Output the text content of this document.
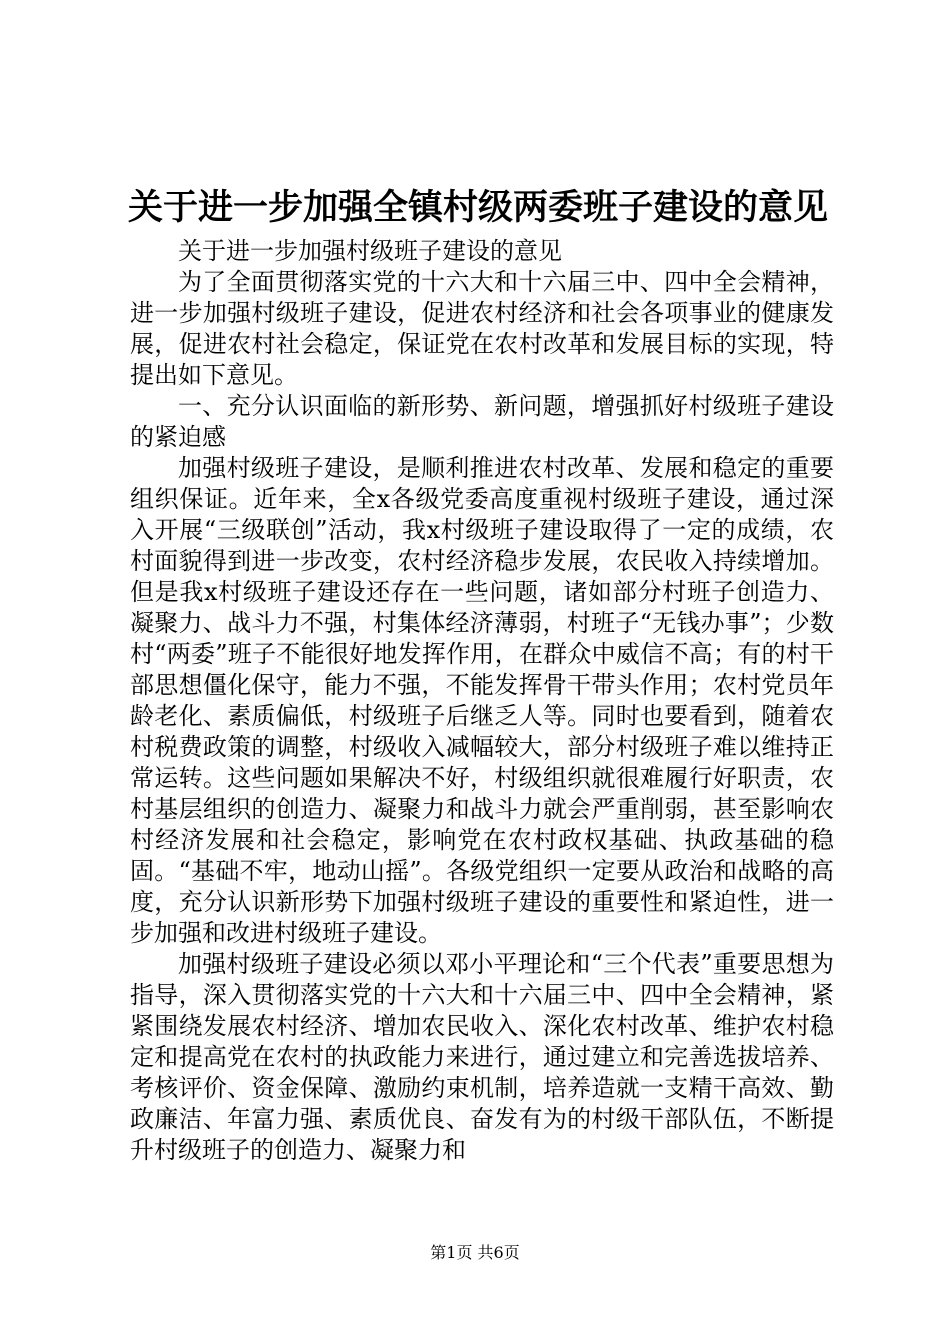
关于进一步加强全镇村级两委班子建设的意见

关于进一步加强村级班子建设的意见

为了全面贯彻落实党的十六大和十六届三中、四中全会精神，进一步加强村级班子建设，促进农村经济和社会各项事业的健康发展，促进农村社会稳定，保证党在农村改革和发展目标的实现，特提出如下意见。

一、充分认识面临的新形势、新问题，增强抓好村级班子建设的紧迫感

加强村级班子建设，是顺利推进农村改革、发展和稳定的重要组织保证。近年来，全x各级党委高度重视村级班子建设，通过深入开展“三级联创”活动，我x村级班子建设取得了一定的成绩，农村面貌得到进一步改变，农村经济稳步发展，农民收入持续增加。但是我x村级班子建设还存在一些问题，诸如部分村班子创造力、凝聚力、战斗力不强，村集体经济薄弱，村班子“无钱办事”；少数村“两委”班子不能很好地发挥作用，在群众中威信不高；有的村干部思想僵化保守，能力不强，不能发挥骨干带头作用；农村党员年龄老化、素质偏低，村级班子后继乏人等。同时也要看到，随着农村税费政策的调整，村级收入减幅较大，部分村级班子难以维持正常运转。这些问题如果解决不好，村级组织就很难履行好职责，农村基层组织的创造力、凝聚力和战斗力就会严重削弱，甚至影响农村经济发展和社会稳定，影响党在农村政权基础、执政基础的稳固。“基础不牢，地动山摇”。各级党组织一定要从政治和战略的高度，充分认识新形势下加强村级班子建设的重要性和紧迫性，进一步加强和改进村级班子建设。

加强村级班子建设必须以邓小平理论和“三个代表”重要思想为指导，深入贯彻落实党的十六大和十六届三中、四中全会精神，紧紧围绕发展农村经济、增加农民收入、深化农村改革、维护农村稳定和提高党在农村的执政能力来进行，通过建立和完善选拔培养、考核评价、资金保障、激励约束机制，培养造就一支精干高效、勤政廉洁、年富力强、素质优良、奋发有为的村级干部队伍，不断提升村级班子的创造力、凝聚力和

第1页 共6页
